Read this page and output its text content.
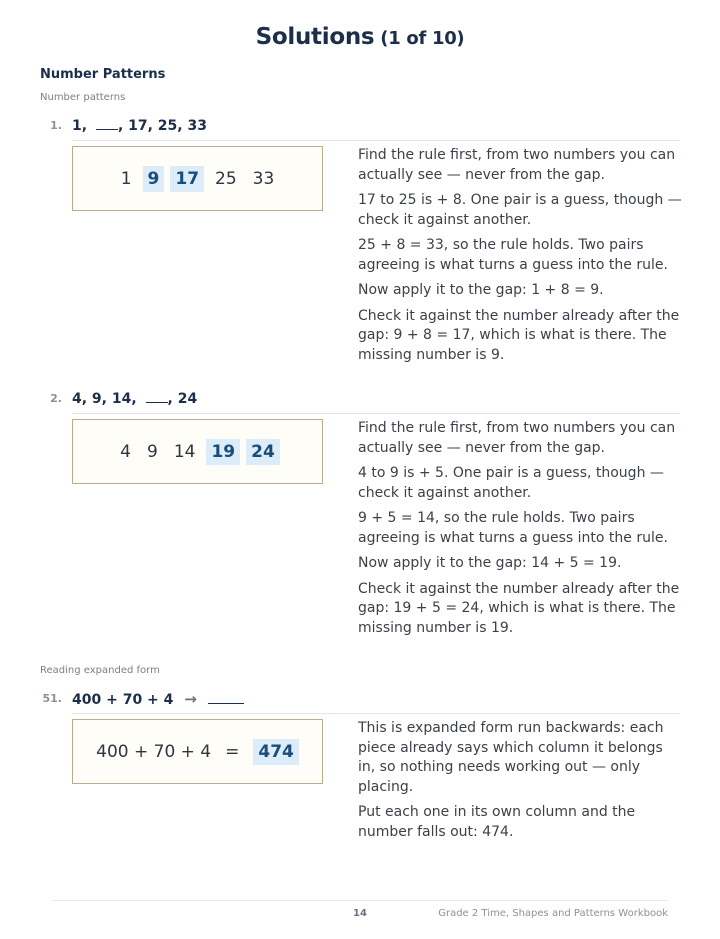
Solutions (1 of 10)
Number Patterns
Number patterns
1. 1, , 17, 25, 33
1 9 17 25 33

Find the rule first, from two numbers you can actually see — never from the gap.

17 to 25 is + 8. One pair is a guess, though — check it against another.

25 + 8 = 33, so the rule holds. Two pairs agreeing is what turns a guess into the rule.

Now apply it to the gap: 1 + 8 = 9.

Check it against the number already after the gap: 9 + 8 = 17, which is what is there. The missing number is 9.

2. 4, 9, 14, , 24
4 9 14 19 24

Find the rule first, from two numbers you can actually see — never from the gap.

4 to 9 is + 5. One pair is a guess, though — check it against another.

9 + 5 = 14, so the rule holds. Two pairs agreeing is what turns a guess into the rule.

Now apply it to the gap: 14 + 5 = 19.

Check it against the number already after the gap: 19 + 5 = 24, which is what is there. The missing number is 19.

Reading expanded form
51. 400 + 70 + 4 →
400 + 70 + 4 = 474

This is expanded form run backwards: each piece already says which column it belongs in, so nothing needs working out — only placing.

Put each one in its own column and the number falls out: 474.

14	Grade 2 Time, Shapes and Patterns Workbook
